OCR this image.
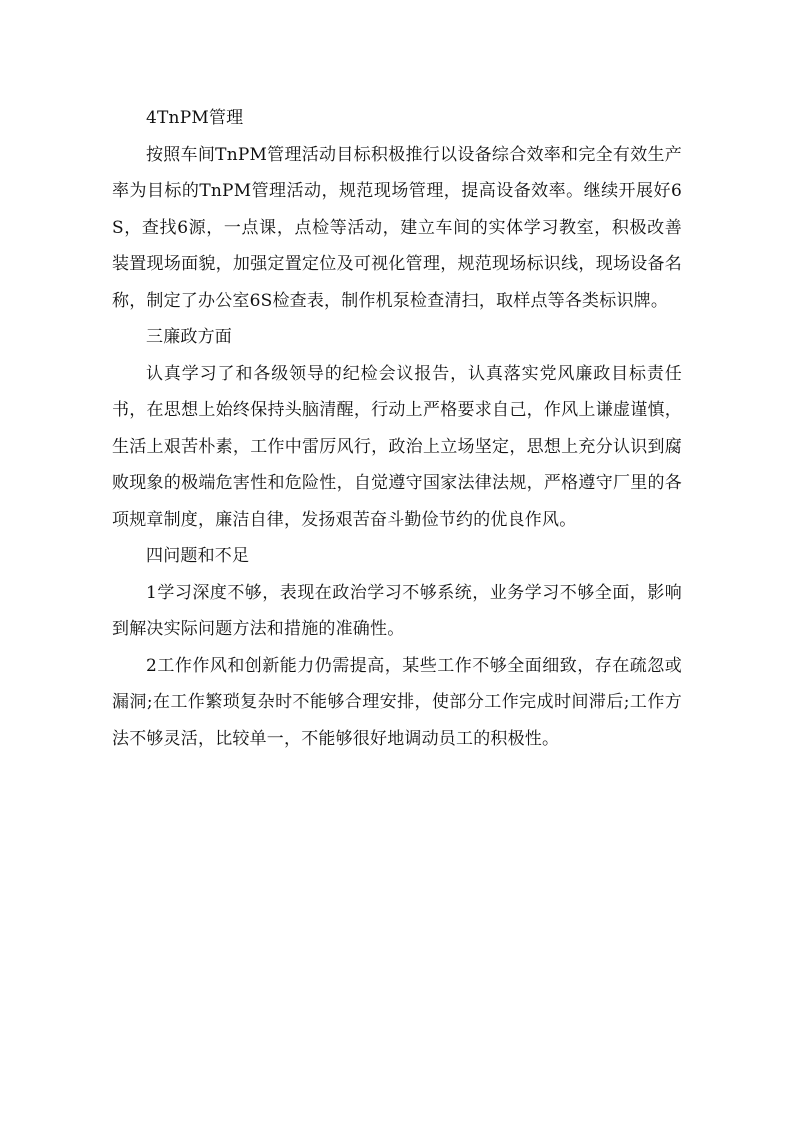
4TnPM管理

按照车间TnPM管理活动目标积极推行以设备综合效率和完全有效生产率为目标的TnPM管理活动，规范现场管理，提高设备效率。继续开展好6S，查找6源，一点课，点检等活动，建立车间的实体学习教室，积极改善装置现场面貌，加强定置定位及可视化管理，规范现场标识线，现场设备名称，制定了办公室6S检查表，制作机泵检查清扫，取样点等各类标识牌。

三廉政方面

认真学习了和各级领导的纪检会议报告，认真落实党风廉政目标责任书，在思想上始终保持头脑清醒，行动上严格要求自己，作风上谦虚谨慎，生活上艰苦朴素，工作中雷厉风行，政治上立场坚定，思想上充分认识到腐败现象的极端危害性和危险性，自觉遵守国家法律法规，严格遵守厂里的各项规章制度，廉洁自律，发扬艰苦奋斗勤俭节约的优良作风。

四问题和不足

1学习深度不够，表现在政治学习不够系统，业务学习不够全面，影响到解决实际问题方法和措施的准确性。

2工作作风和创新能力仍需提高，某些工作不够全面细致，存在疏忽或漏洞;在工作繁琐复杂时不能够合理安排，使部分工作完成时间滞后;工作方法不够灵活，比较单一，不能够很好地调动员工的积极性。
